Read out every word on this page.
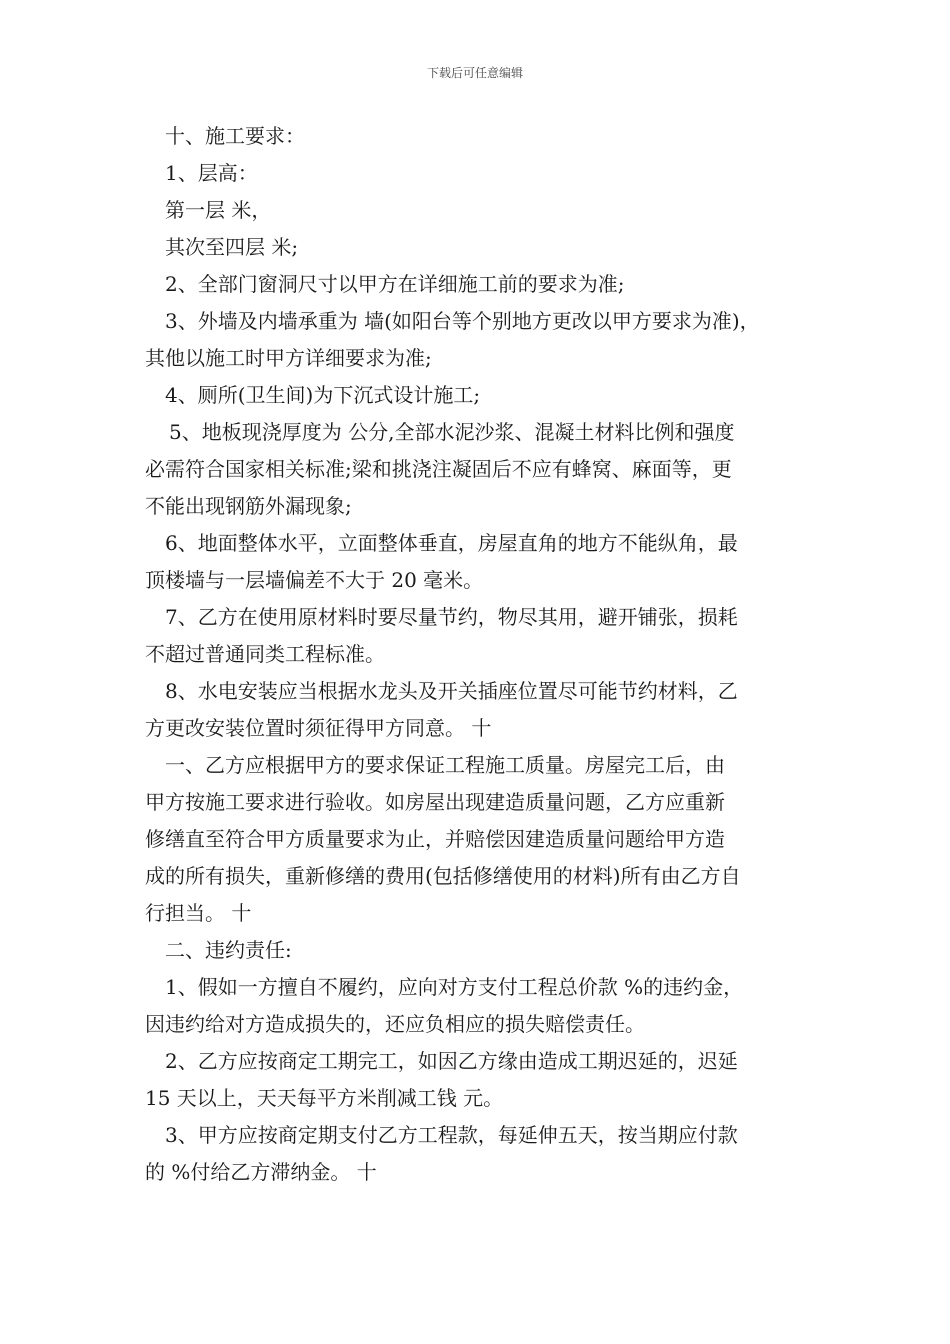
下载后可任意编辑
十、施工要求：
1、层高：
第一层 米，
其次至四层 米;
2、全部门窗洞尺寸以甲方在详细施工前的要求为准;
3、外墙及内墙承重为 墙(如阳台等个别地方更改以甲方要求为准)，
其他以施工时甲方详细要求为准;
4、厕所(卫生间)为下沉式设计施工;
5、地板现浇厚度为 公分,全部水泥沙浆、混凝土材料比例和强度
必需符合国家相关标准;梁和挑浇注凝固后不应有蜂窝、麻面等，更
不能出现钢筋外漏现象;
6、地面整体水平，立面整体垂直，房屋直角的地方不能纵角，最
顶楼墙与一层墙偏差不大于 20 毫米。
7、乙方在使用原材料时要尽量节约，物尽其用，避开铺张，损耗
不超过普通同类工程标准。
8、水电安装应当根据水龙头及开关插座位置尽可能节约材料，乙
方更改安装位置时须征得甲方同意。 十
一、乙方应根据甲方的要求保证工程施工质量。房屋完工后，由
甲方按施工要求进行验收。如房屋出现建造质量问题，乙方应重新
修缮直至符合甲方质量要求为止，并赔偿因建造质量问题给甲方造
成的所有损失，重新修缮的费用(包括修缮使用的材料)所有由乙方自
行担当。 十
二、违约责任:
1、假如一方擅自不履约，应向对方支付工程总价款 %的违约金，
因违约给对方造成损失的，还应负相应的损失赔偿责任。
2、乙方应按商定工期完工，如因乙方缘由造成工期迟延的，迟延
15 天以上，天天每平方米削减工钱 元。
3、甲方应按商定期支付乙方工程款，每延伸五天，按当期应付款
的 %付给乙方滞纳金。 十
